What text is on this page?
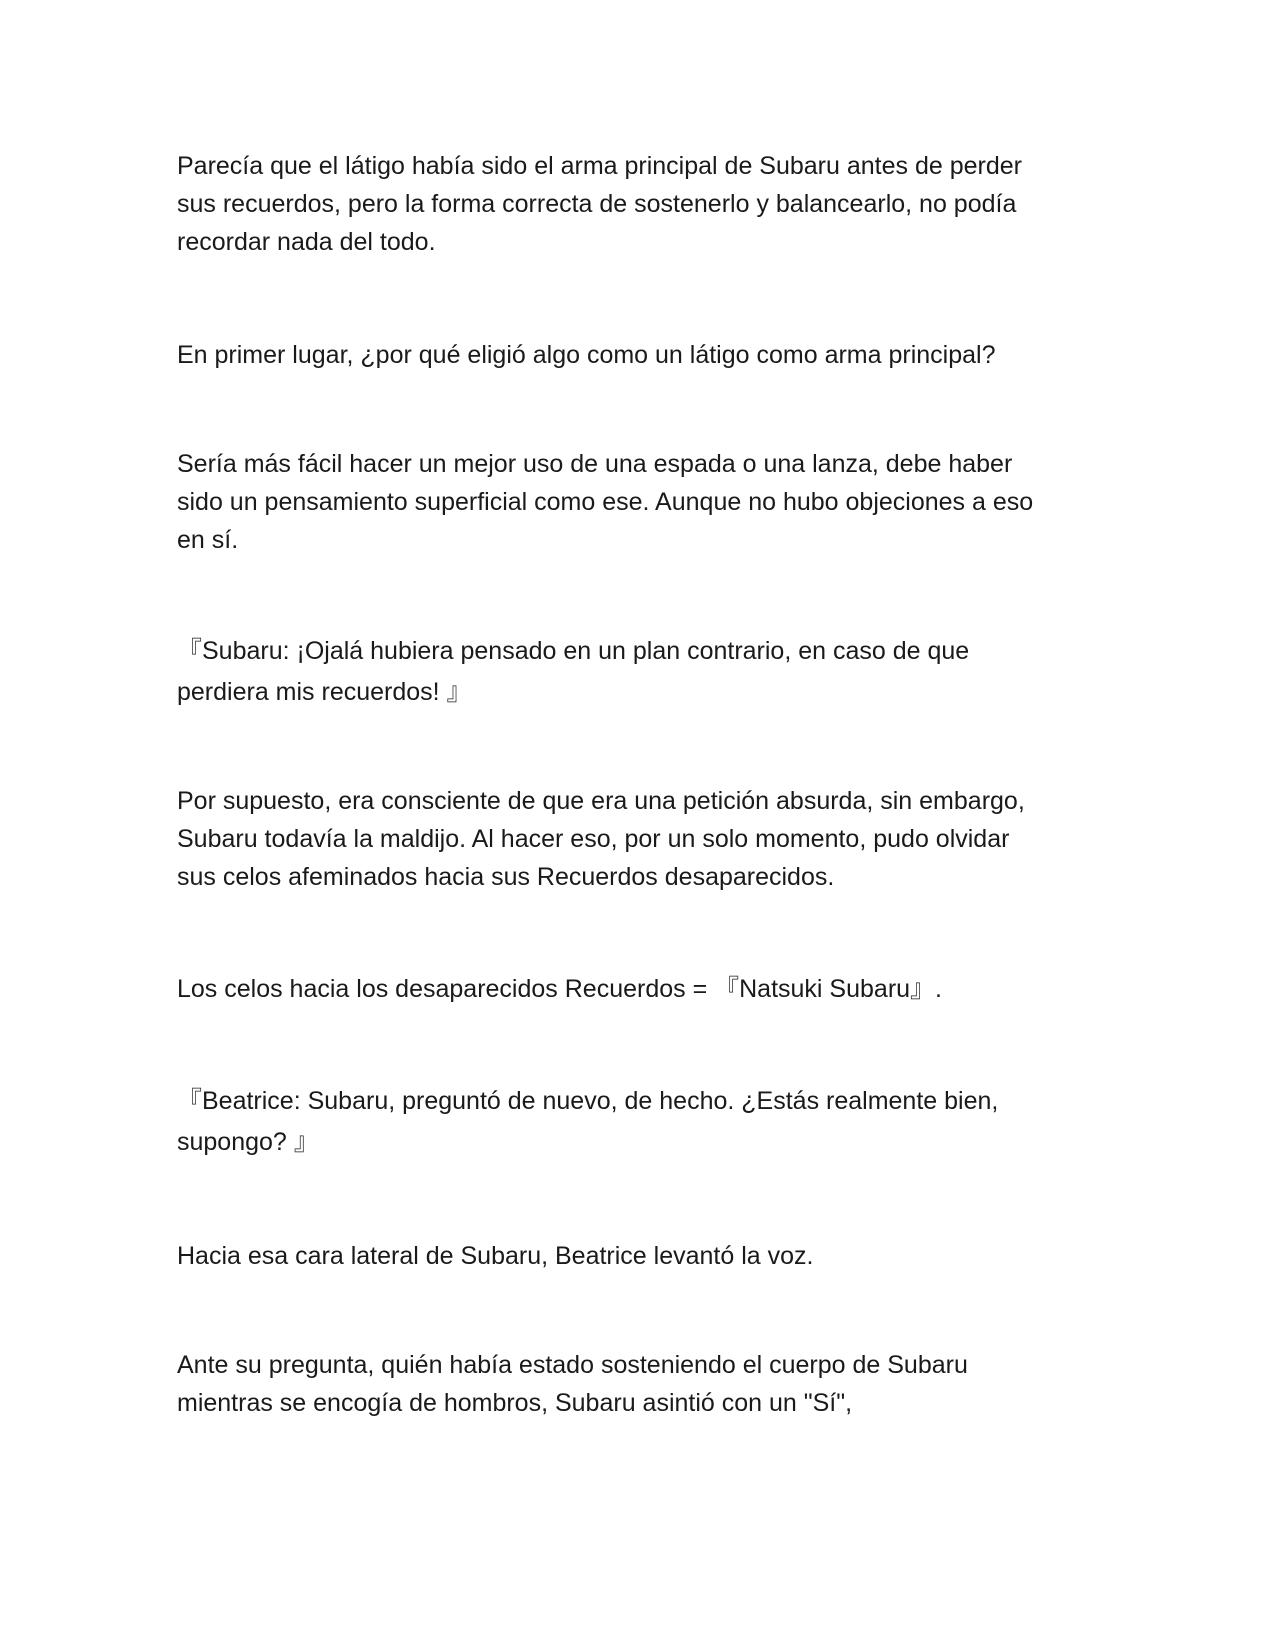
Parecía que el látigo había sido el arma principal de Subaru antes de perder
sus recuerdos, pero la forma correcta de sostenerlo y balancearlo, no podía
recordar nada del todo.

En primer lugar, ¿por qué eligió algo como un látigo como arma principal?

Sería más fácil hacer un mejor uso de una espada o una lanza, debe haber
sido un pensamiento superficial como ese. Aunque no hubo objeciones a eso
en sí.

『Subaru: ¡Ojalá hubiera pensado en un plan contrario, en caso de que
perdiera mis recuerdos! 』

Por supuesto, era consciente de que era una petición absurda, sin embargo,
Subaru todavía la maldijo. Al hacer eso, por un solo momento, pudo olvidar
sus celos afeminados hacia sus Recuerdos desaparecidos.

Los celos hacia los desaparecidos Recuerdos = 『Natsuki Subaru』.

『Beatrice: Subaru, preguntó de nuevo, de hecho. ¿Estás realmente bien,
supongo? 』

Hacia esa cara lateral de Subaru, Beatrice levantó la voz.

Ante su pregunta, quién había estado sosteniendo el cuerpo de Subaru
mientras se encogía de hombros, Subaru asintió con un "Sí",
